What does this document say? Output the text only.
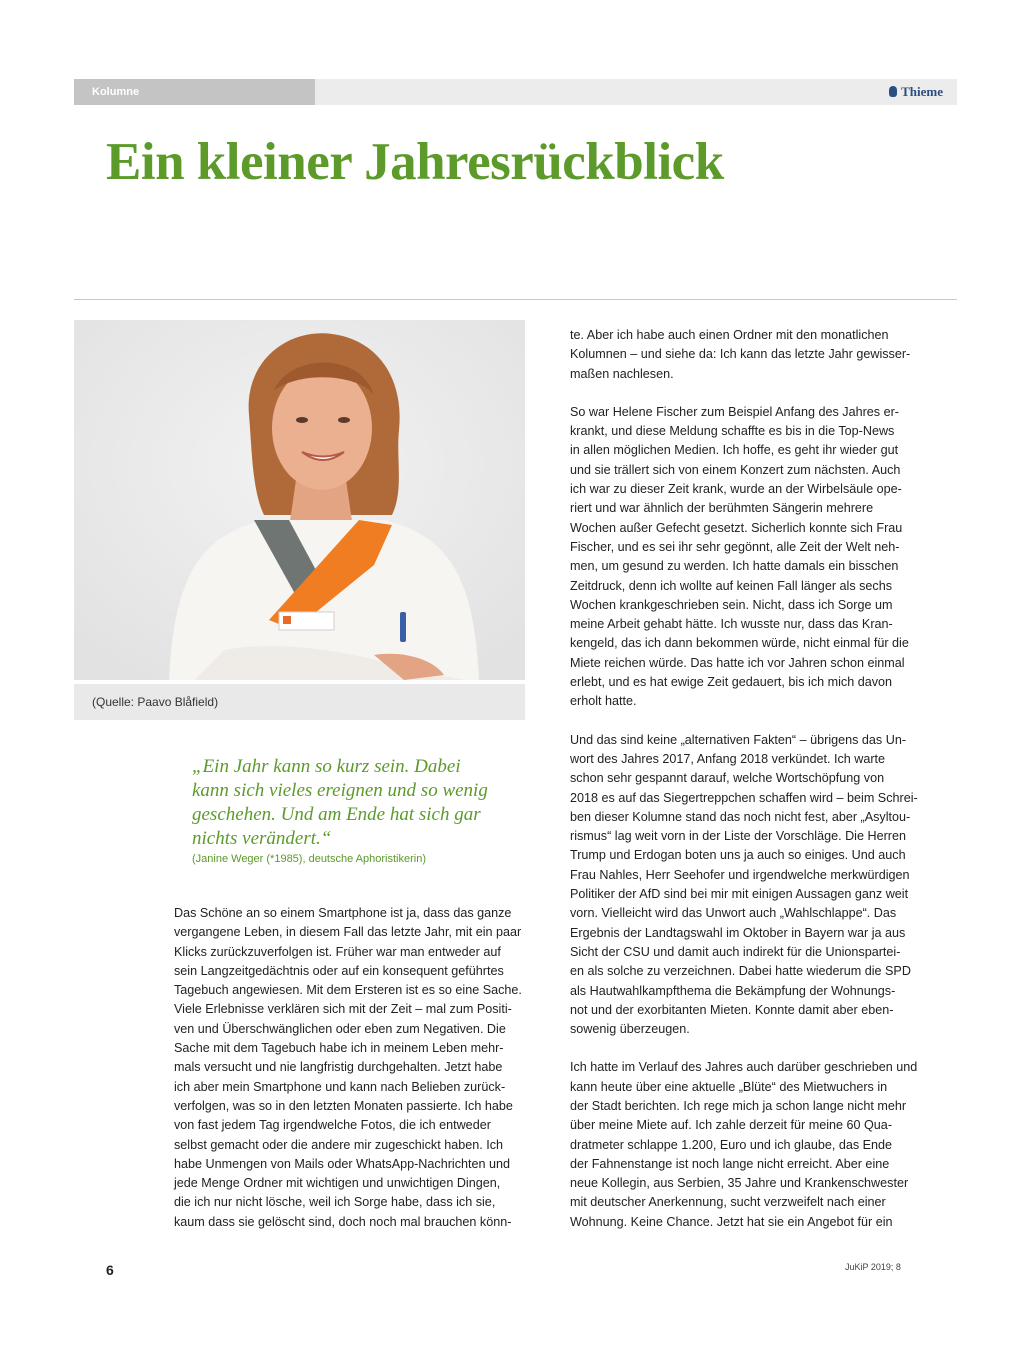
Kolumne	Thieme
Ein kleiner Jahresrückblick
(Quelle: Paavo Blåfield)
„Ein Jahr kann so kurz sein. Dabei
kann sich vieles ereignen und so wenig
geschehen. Und am Ende hat sich gar
nichts verändert.“
(Janine Weger (*1985), deutsche Aphoristikerin)
Das Schöne an so einem Smartphone ist ja, dass das ganze
vergangene Leben, in diesem Fall das letzte Jahr, mit ein paar
Klicks zurückzuverfolgen ist. Früher war man entweder auf
sein Langzeitgedächtnis oder auf ein konsequent geführtes
Tagebuch angewiesen. Mit dem Ersteren ist es so eine Sache.
Viele Erlebnisse verklären sich mit der Zeit – mal zum Positi-
ven und Überschwänglichen oder eben zum Negativen. Die
Sache mit dem Tagebuch habe ich in meinem Leben mehr-
mals versucht und nie langfristig durchgehalten. Jetzt habe
ich aber mein Smartphone und kann nach Belieben zurück-
verfolgen, was so in den letzten Monaten passierte. Ich habe
von fast jedem Tag irgendwelche Fotos, die ich entweder
selbst gemacht oder die andere mir zugeschickt haben. Ich
habe Unmengen von Mails oder WhatsApp-Nachrichten und
jede Menge Ordner mit wichtigen und unwichtigen Dingen,
die ich nur nicht lösche, weil ich Sorge habe, dass ich sie,
kaum dass sie gelöscht sind, doch noch mal brauchen könn-
te. Aber ich habe auch einen Ordner mit den monatlichen
Kolumnen – und siehe da: Ich kann das letzte Jahr gewisser-
maßen nachlesen.
So war Helene Fischer zum Beispiel Anfang des Jahres er-
krankt, und diese Meldung schaffte es bis in die Top-News
in allen möglichen Medien. Ich hoffe, es geht ihr wieder gut
und sie trällert sich von einem Konzert zum nächsten. Auch
ich war zu dieser Zeit krank, wurde an der Wirbelsäule ope-
riert und war ähnlich der berühmten Sängerin mehrere
Wochen außer Gefecht gesetzt. Sicherlich konnte sich Frau
Fischer, und es sei ihr sehr gegönnt, alle Zeit der Welt neh-
men, um gesund zu werden. Ich hatte damals ein bisschen
Zeitdruck, denn ich wollte auf keinen Fall länger als sechs
Wochen krankgeschrieben sein. Nicht, dass ich Sorge um
meine Arbeit gehabt hätte. Ich wusste nur, dass das Kran-
kengeld, das ich dann bekommen würde, nicht einmal für die
Miete reichen würde. Das hatte ich vor Jahren schon einmal
erlebt, und es hat ewige Zeit gedauert, bis ich mich davon
erholt hatte.
Und das sind keine „alternativen Fakten“ – übrigens das Un-
wort des Jahres 2017, Anfang 2018 verkündet. Ich warte
schon sehr gespannt darauf, welche Wortschöpfung von
2018 es auf das Siegertreppchen schaffen wird – beim Schrei-
ben dieser Kolumne stand das noch nicht fest, aber „Asyltou-
rismus“ lag weit vorn in der Liste der Vorschläge. Die Herren
Trump und Erdogan boten uns ja auch so einiges. Und auch
Frau Nahles, Herr Seehofer und irgendwelche merkwürdigen
Politiker der AfD sind bei mir mit einigen Aussagen ganz weit
vorn. Vielleicht wird das Unwort auch „Wahlschlappe“. Das
Ergebnis der Landtagswahl im Oktober in Bayern war ja aus
Sicht der CSU und damit auch indirekt für die Unionspartei-
en als solche zu verzeichnen. Dabei hatte wiederum die SPD
als Hautwahlkampfthema die Bekämpfung der Wohnungs-
not und der exorbitanten Mieten. Konnte damit aber eben-
sowenig überzeugen.
Ich hatte im Verlauf des Jahres auch darüber geschrieben und
kann heute über eine aktuelle „Blüte“ des Mietwuchers in
der Stadt berichten. Ich rege mich ja schon lange nicht mehr
über meine Miete auf. Ich zahle derzeit für meine 60 Qua-
dratmeter schlappe 1.200, Euro und ich glaube, das Ende
der Fahnenstange ist noch lange nicht erreicht. Aber eine
neue Kollegin, aus Serbien, 35 Jahre und Krankenschwester
mit deutscher Anerkennung, sucht verzweifelt nach einer
Wohnung. Keine Chance. Jetzt hat sie ein Angebot für ein
6	JuKiP 2019; 8
